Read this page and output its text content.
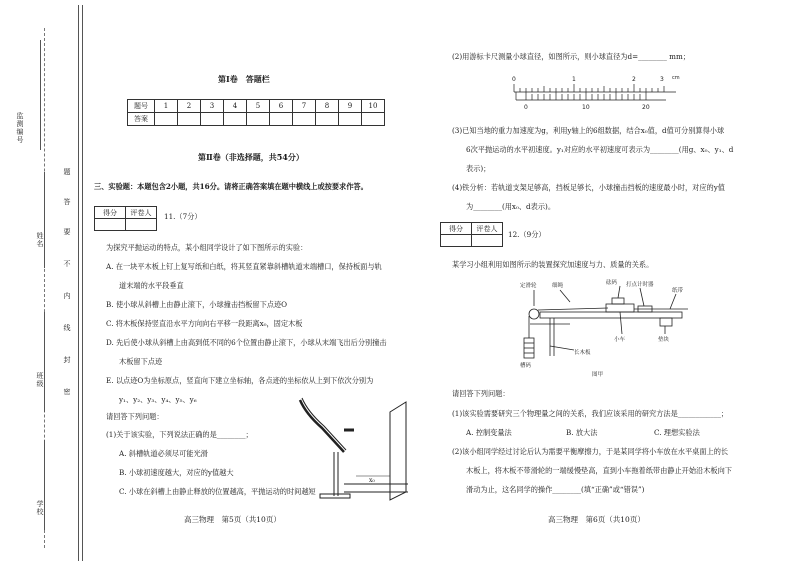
监测编号
姓 名
班 级
学 校
题
答
要
不
内
线
封
密
第Ⅰ卷　答题栏
题号	1	2	3	4	5	6	7	8	9	10
答案										
第Ⅱ卷（非选择题，共54分）
三、实验题：本题包含2小题，共16分。请将正确答案填在题中横线上或按要求作答。
得分	评卷人
	11.（7分）
为探究平抛运动的特点，某小组同学设计了如下图所示的实验：
A. 在一块平木板上钉上复写纸和白纸，将其竖直紧靠斜槽轨道末端槽口，保持板面与轨
道末端的水平段垂直
B. 使小球从斜槽上由静止滚下，小球撞击挡板留下点迹O
C. 将木板保持竖直沿水平方向向右平移一段距离x₀，固定木板
D. 先后使小球从斜槽上由高到低不同的6个位置由静止滚下，小球从末端飞出后分别撞击
木板留下点迹
E. 以点迹O为坐标原点，竖直向下建立坐标轴，各点迹的坐标依从上到下依次分别为
y₁、y₂、y₃、y₄、y₅、y₆
请回答下列问题：
(1)关于该实验，下列说法正确的是________；
A. 斜槽轨道必须尽可能光滑
B. 小球初速度越大，对应的y值越大
C. 小球在斜槽上由静止释放的位置越高，平抛运动的时间越短
x₀
高三物理　第5页（共10页）
(2)用游标卡尺测量小球直径，如图所示，则小球直径为d=________ mm；
0	1	2	3 cm
0	10	20
(3)已知当地的重力加速度为g，利用y轴上的6组数据，结合x₀值，d值可分别算得小球
6次平抛运动的水平初速度。y₁对应的水平初速度可表示为________(用g、x₀、y₁、d
表示)；
(4)铁分析：若轨道支架足够高，挡板足够长，小球撞击挡板的速度最小时，对应的y值
为________(用x₀、d表示)。
得分	评卷人

12.（9分）
某学习小组利用如图所示的装置探究加速度与力、质量的关系。
定滑轮	细绳	砝码 打点计时器
纸带
小车	垫块
长木板
槽码
图甲
请回答下列问题：
(1)该实验需要研究三个物理量之间的关系，我们应该采用的研究方法是____________；
A. 控制变量法	B. 放大法	C. 理想实验法
(2)该小组同学经过讨论后认为需要平衡摩擦力，于是某同学将小车放在水平桌面上的长
木板上，将木板不带滑轮的一端缓慢垫高，直到小车拖着纸带由静止开始沿木板向下
滑动为止，这名同学的操作________(填“正确”或“错误”)
高三物理　第6页（共10页）
